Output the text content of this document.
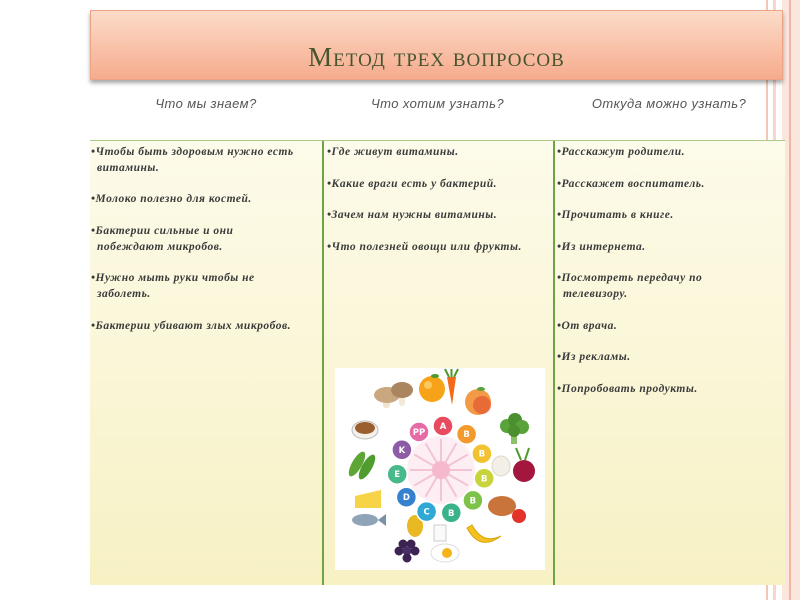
Метод трех вопросов
Что мы знаем?	Что хотим узнать?	Откуда можно узнать?
•Чтобы быть здоровым нужно есть
витамины.
•Молоко полезно для костей.
•Бактерии сильные и они
побеждают микробов.
•Нужно мыть руки чтобы не
заболеть.
•Бактерии убивают злых микробов.
•Где живут витамины.
•Какие враги есть у бактерий.
•Зачем нам нужны витамины.
•Что полезней овощи или фрукты.
•Расскажут родители.
•Расскажет воспитатель.
•Прочитать в книге.
•Из интернета.
•Посмотреть передачу по
телевизору.
•От врача.
•Из рекламы.
•Попробовать продукты.
PP
A
B
B
B
B
B
C
D
E
K
